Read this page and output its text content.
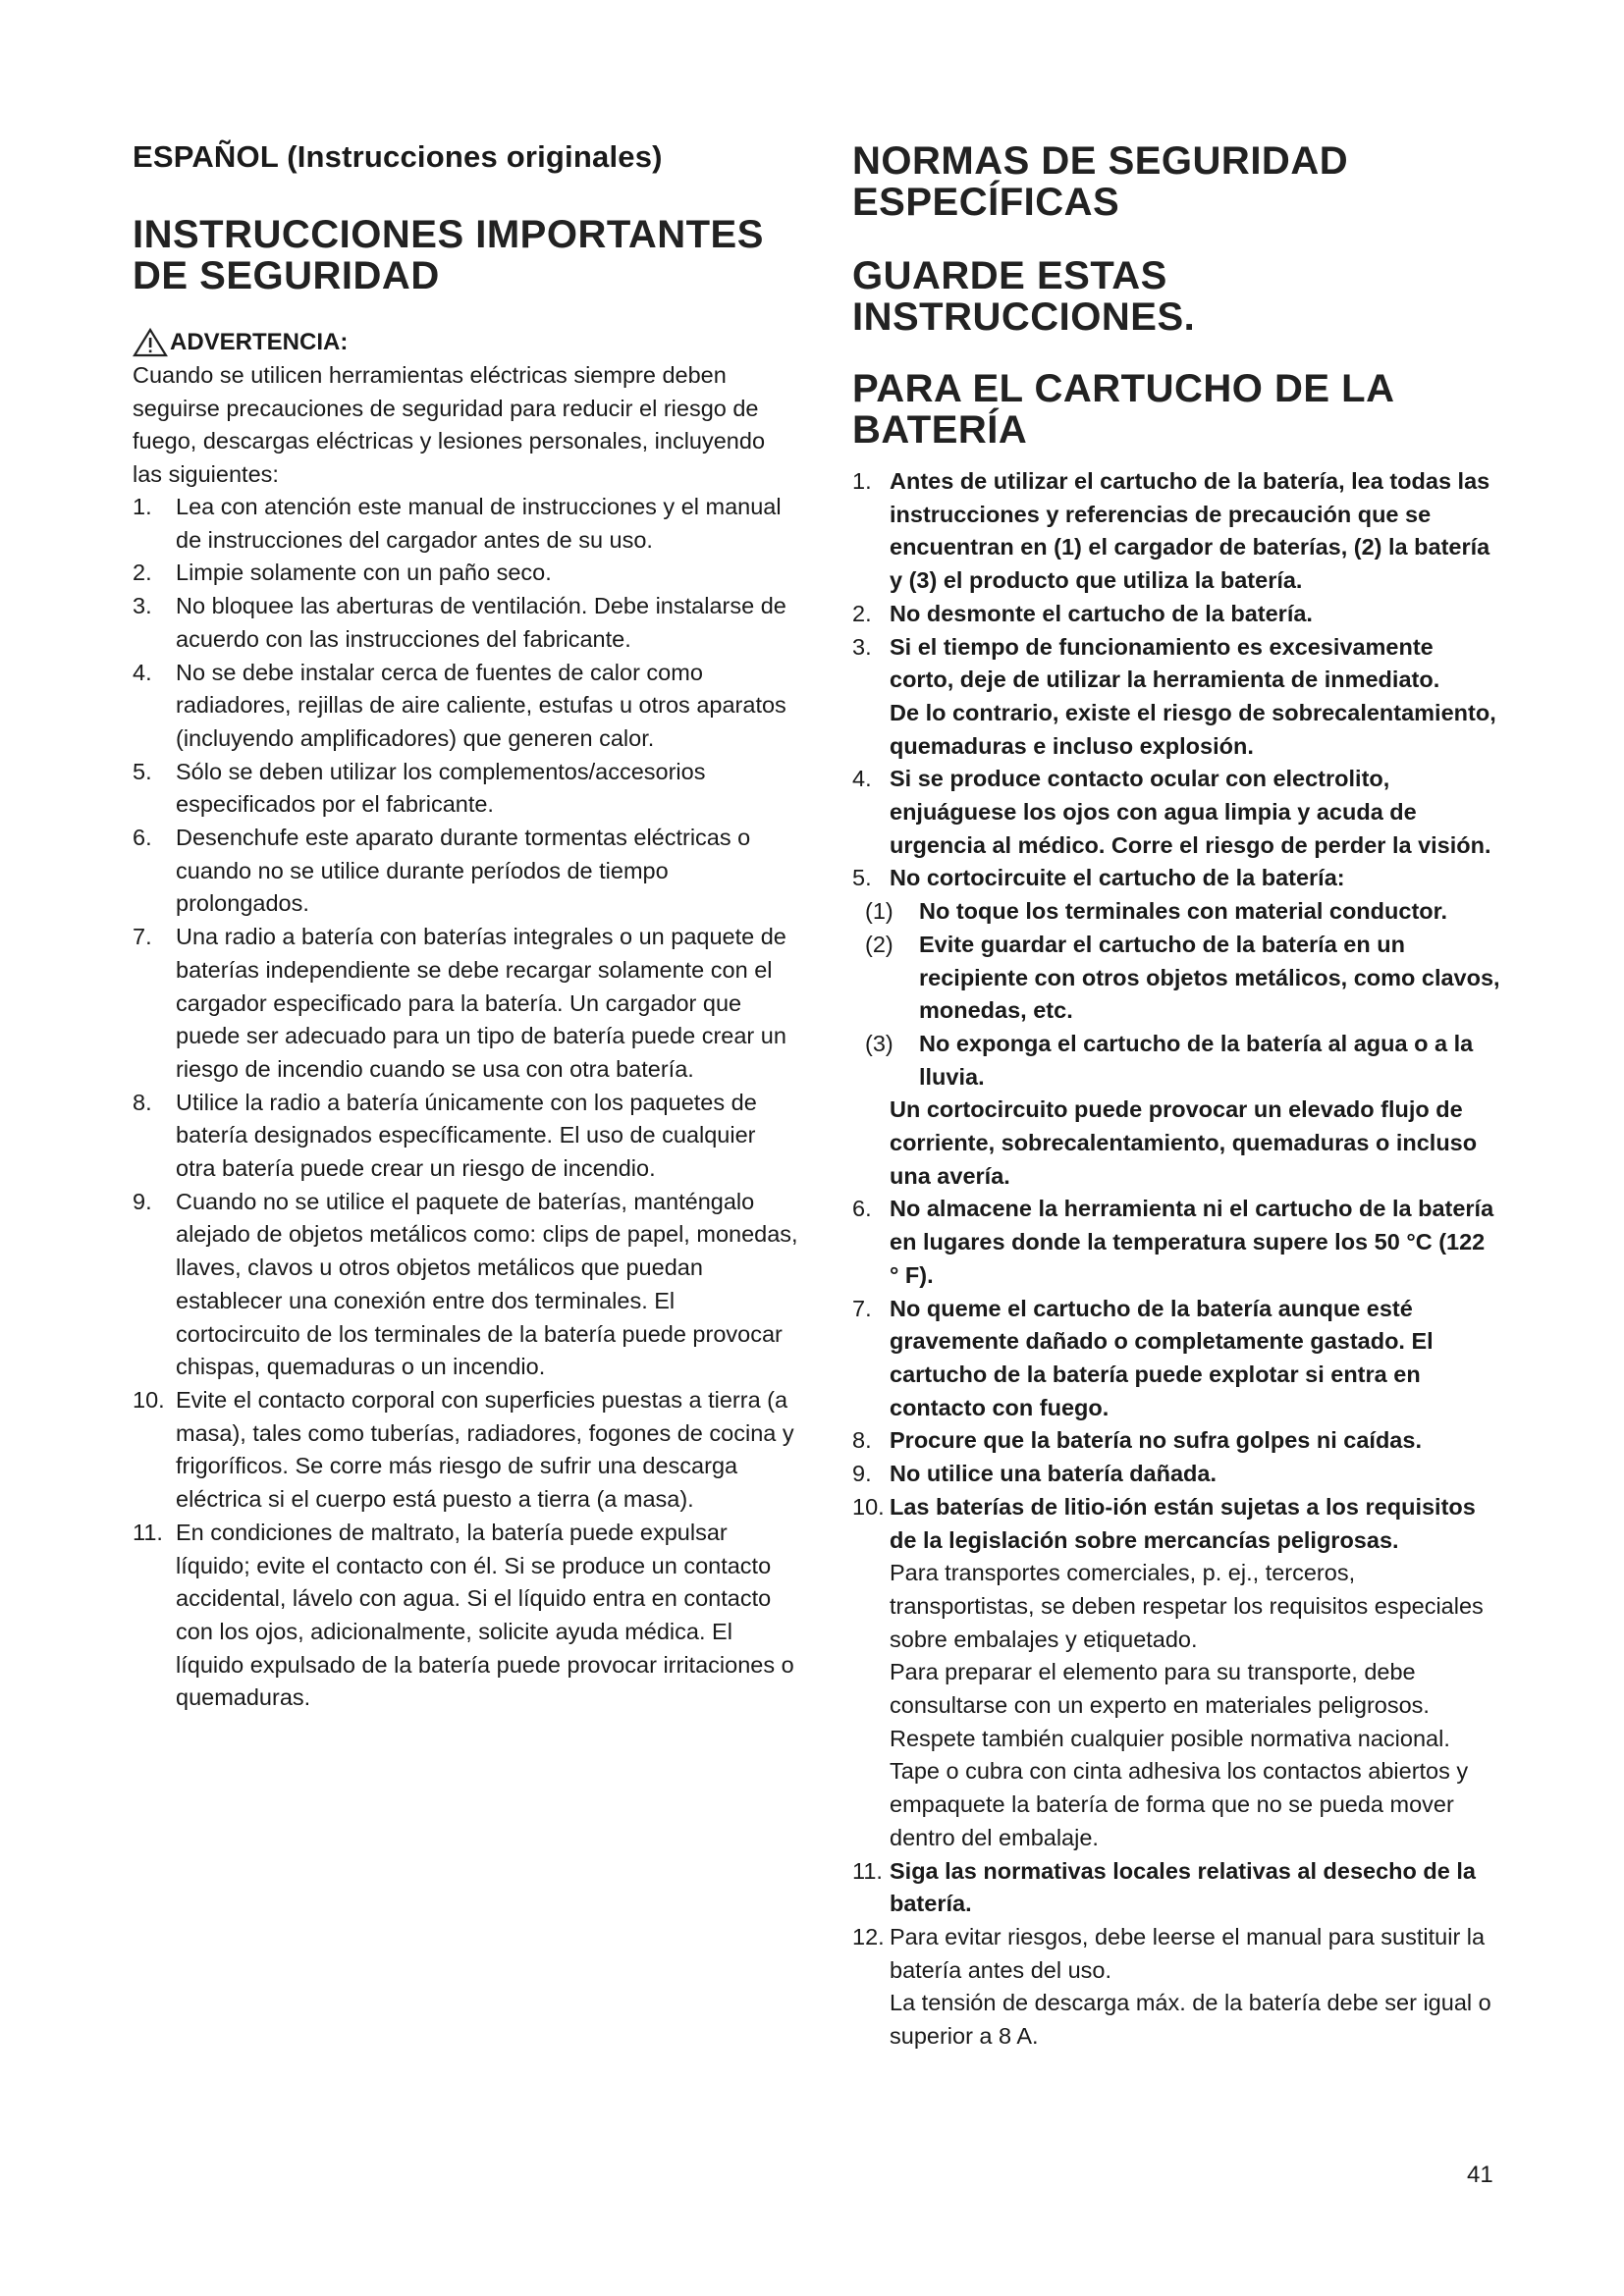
ESPAÑOL (Instrucciones originales)
INSTRUCCIONES IMPORTANTES DE SEGURIDAD
ADVERTENCIA:

Cuando se utilicen herramientas eléctricas siempre deben seguirse precauciones de seguridad para reducir el riesgo de fuego, descargas eléctricas y lesiones personales, incluyendo las siguientes:

1.	Lea con atención este manual de instrucciones y el manual de instrucciones del cargador antes de su uso.
2.	Limpie solamente con un paño seco.
3.	No bloquee las aberturas de ventilación. Debe instalarse de acuerdo con las instrucciones del fabricante.
4.	No se debe instalar cerca de fuentes de calor como radiadores, rejillas de aire caliente, estufas u otros aparatos (incluyendo amplificadores) que generen calor.
5.	Sólo se deben utilizar los complementos/accesorios especificados por el fabricante.
6.	Desenchufe este aparato durante tormentas eléctricas o cuando no se utilice durante períodos de tiempo prolongados.
7.	Una radio a batería con baterías integrales o un paquete de baterías independiente se debe recargar solamente con el cargador especificado para la batería. Un cargador que puede ser adecuado para un tipo de batería puede crear un riesgo de incendio cuando se usa con otra batería.
8.	Utilice la radio a batería únicamente con los paquetes de batería designados específicamente. El uso de cualquier otra batería puede crear un riesgo de incendio.
9.	Cuando no se utilice el paquete de baterías, manténgalo alejado de objetos metálicos como: clips de papel, monedas, llaves, clavos u otros objetos metálicos que puedan establecer una conexión entre dos terminales. El cortocircuito de los terminales de la batería puede provocar chispas, quemaduras o un incendio.
10. Evite el contacto corporal con superficies puestas a tierra (a masa), tales como tuberías, radiadores, fogones de cocina y frigoríficos. Se corre más riesgo de sufrir una descarga eléctrica si el cuerpo está puesto a tierra (a masa).
11. En condiciones de maltrato, la batería puede expulsar líquido; evite el contacto con él. Si se produce un contacto accidental, lávelo con agua. Si el líquido entra en contacto con los ojos, adicionalmente, solicite ayuda médica. El líquido expulsado de la batería puede provocar irritaciones o quemaduras.
NORMAS DE SEGURIDAD ESPECÍFICAS
GUARDE ESTAS INSTRUCCIONES.
PARA EL CARTUCHO DE LA BATERÍA
1. Antes de utilizar el cartucho de la batería, lea todas las instrucciones y referencias de precaución que se encuentran en (1) el cargador de baterías, (2) la batería y (3) el producto que utiliza la batería.
2. No desmonte el cartucho de la batería.
3. Si el tiempo de funcionamiento es excesivamente corto, deje de utilizar la herramienta de inmediato.
De lo contrario, existe el riesgo de sobrecalentamiento, quemaduras e incluso explosión.
4. Si se produce contacto ocular con electrolito, enjuáguese los ojos con agua limpia y acuda de urgencia al médico. Corre el riesgo de perder la visión.
5. No cortocircuite el cartucho de la batería:
(1) No toque los terminales con material conductor.
(2) Evite guardar el cartucho de la batería en un recipiente con otros objetos metálicos, como clavos, monedas, etc.
(3) No exponga el cartucho de la batería al agua o a la lluvia.
Un cortocircuito puede provocar un elevado flujo de corriente, sobrecalentamiento, quemaduras o incluso una avería.
6. No almacene la herramienta ni el cartucho de la batería en lugares donde la temperatura supere los 50 °C (122 ° F).
7. No queme el cartucho de la batería aunque esté gravemente dañado o completamente gastado. El cartucho de la batería puede explotar si entra en contacto con fuego.
8. Procure que la batería no sufra golpes ni caídas.
9. No utilice una batería dañada.
10. Las baterías de litio-ión están sujetas a los requisitos de la legislación sobre mercancías peligrosas.
Para transportes comerciales, p. ej., terceros, transportistas, se deben respetar los requisitos especiales sobre embalajes y etiquetado.
Para preparar el elemento para su transporte, debe consultarse con un experto en materiales peligrosos. Respete también cualquier posible normativa nacional.
Tape o cubra con cinta adhesiva los contactos abiertos y empaquete la batería de forma que no se pueda mover dentro del embalaje.
11. Siga las normativas locales relativas al desecho de la batería.
12. Para evitar riesgos, debe leerse el manual para sustituir la batería antes del uso.
La tensión de descarga máx. de la batería debe ser igual o superior a 8 A.
41
